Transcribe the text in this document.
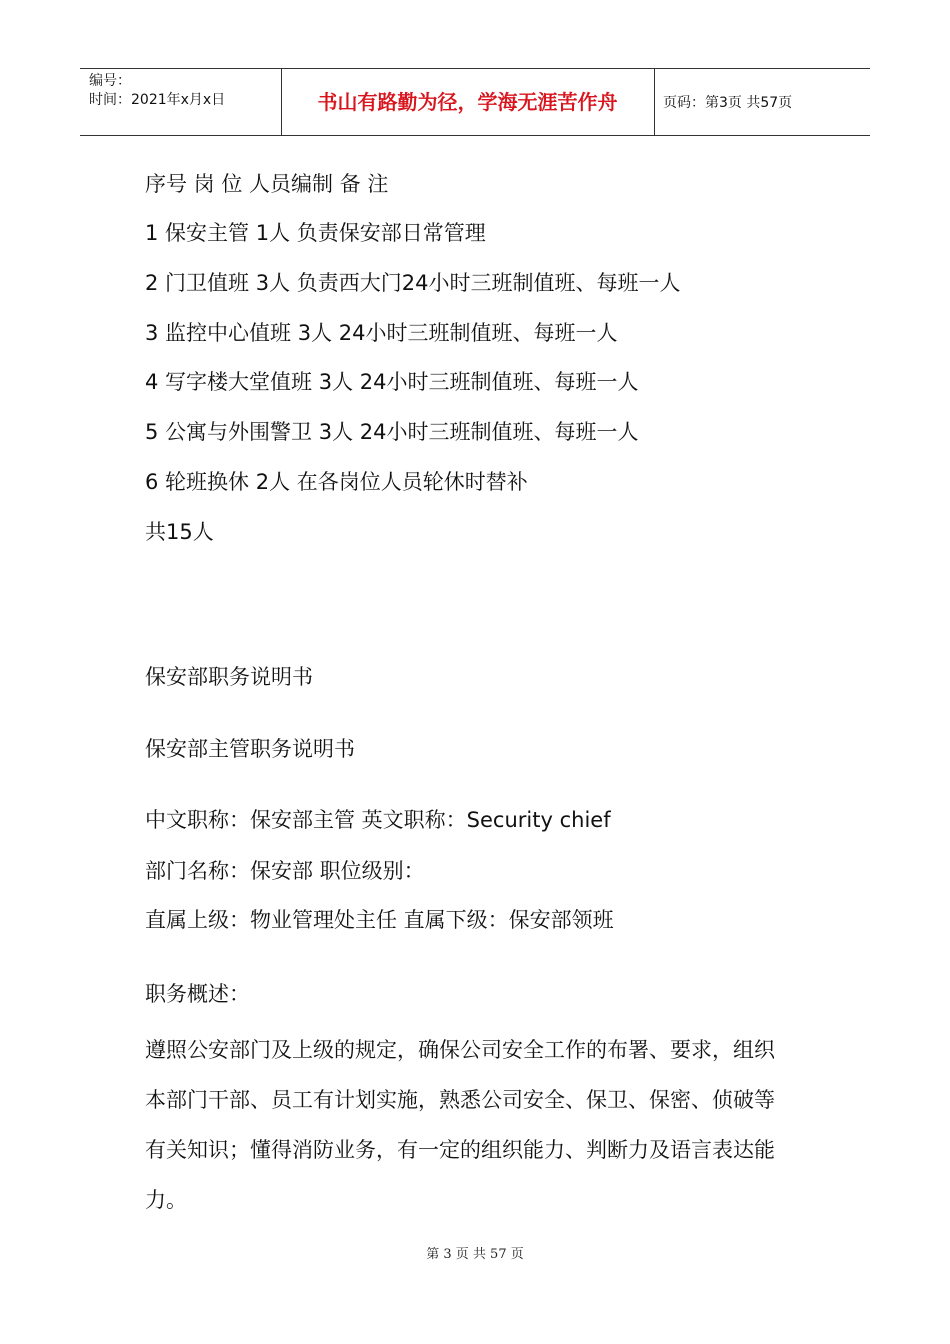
编号：
时间：2021年x月x日	书山有路勤为径，学海无涯苦作舟	页码：第3页 共57页
序号 岗 位 人员编制 备 注
1 保安主管 1人 负责保安部日常管理
2 门卫值班 3人 负责西大门24小时三班制值班、每班一人
3 监控中心值班 3人 24小时三班制值班、每班一人
4 写字楼大堂值班 3人 24小时三班制值班、每班一人
5 公寓与外围警卫 3人 24小时三班制值班、每班一人
6 轮班换休 2人 在各岗位人员轮休时替补
共15人
保安部职务说明书
保安部主管职务说明书
中文职称：保安部主管 英文职称：Security chief
部门名称：保安部 职位级别：
直属上级：物业管理处主任 直属下级：保安部领班
职务概述：
遵照公安部门及上级的规定，确保公司安全工作的布署、要求，组织本部门干部、员工有计划实施，熟悉公司安全、保卫、保密、侦破等有关知识；懂得消防业务，有一定的组织能力、判断力及语言表达能力。
第 3 页 共 57 页
